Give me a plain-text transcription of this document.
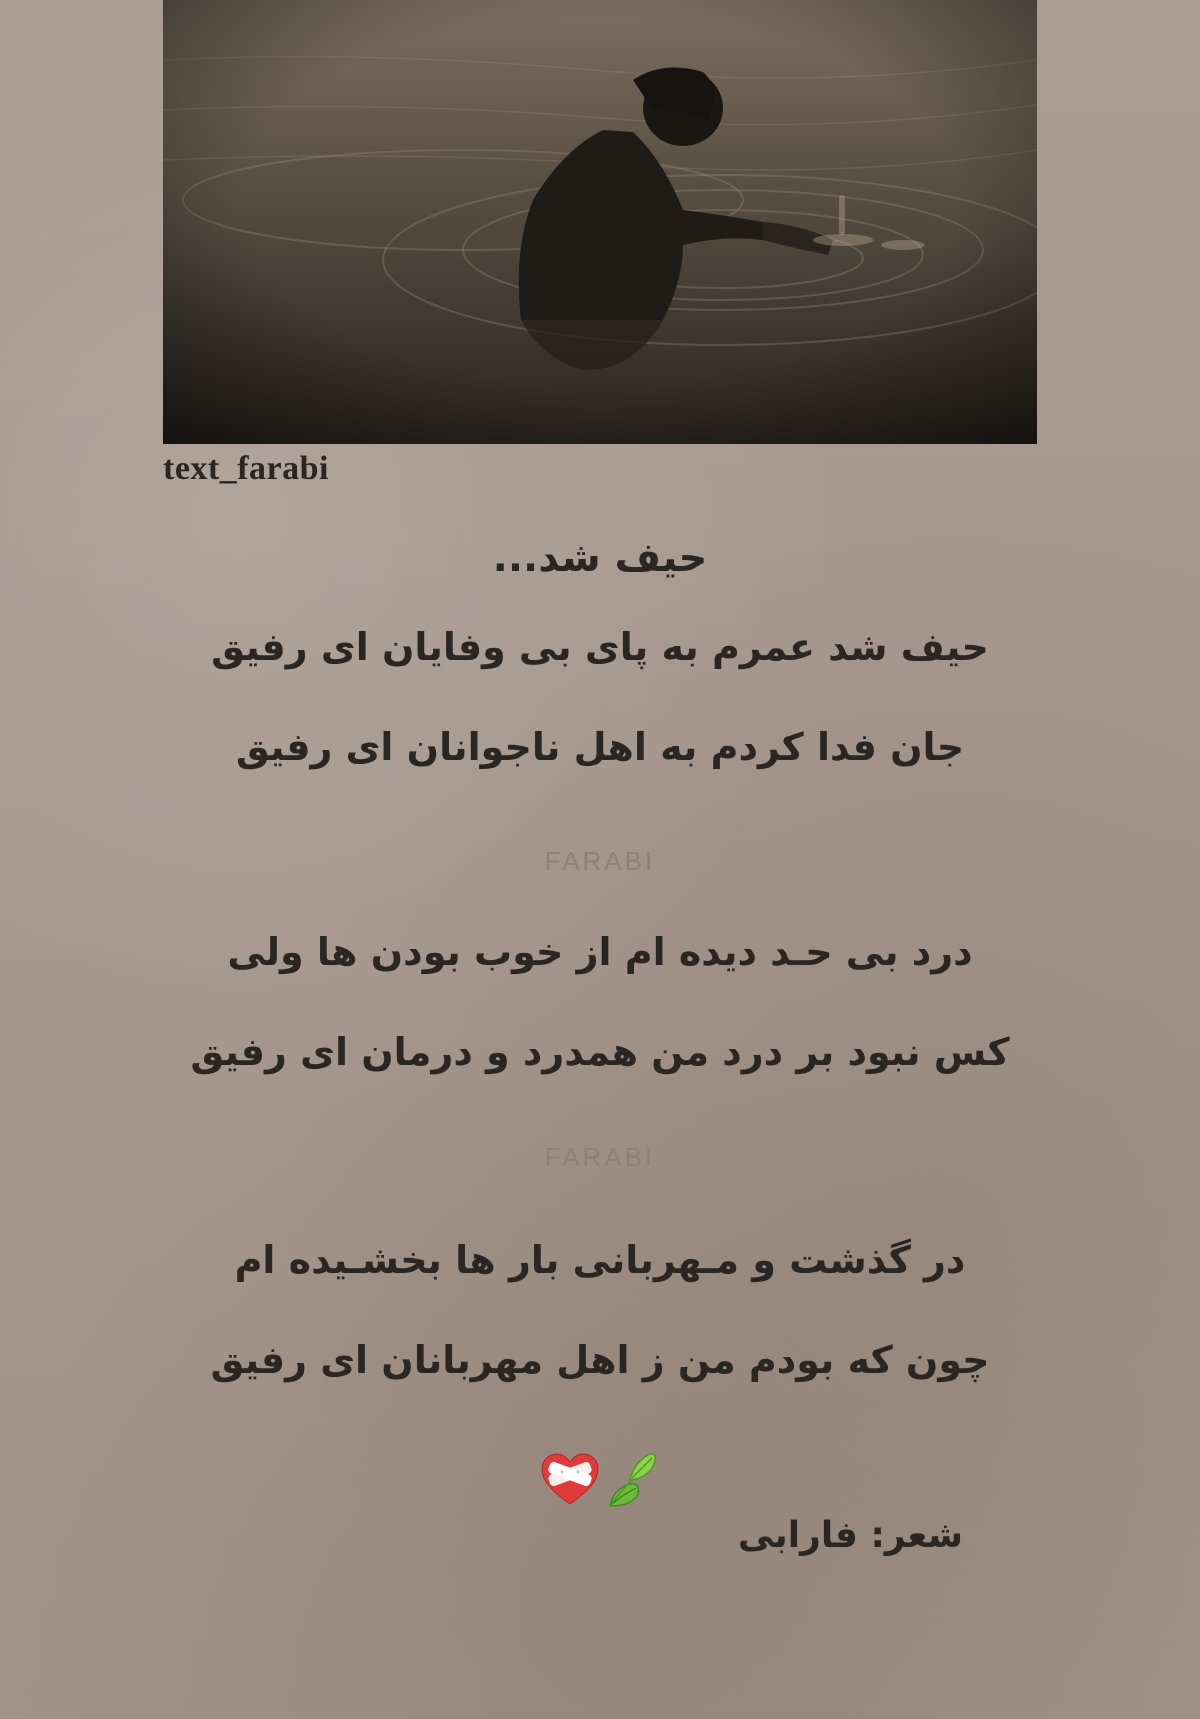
text_farabi
حیف شد...
حیف شد عمرم به پای بی وفایان ای رفیق
جان فدا کردم به اهل ناجوانان ای رفیق
FARABI
درد بی حـد دیده ام از خوب بودن ها ولی
کس نبود بر درد من همدرد و درمان ای رفیق
FARABI
در گذشت و مـهربانی بار ها بخشـیده ام
چون که بودم من ز اهل مهربانان ای رفیق
شعر: فارابی
